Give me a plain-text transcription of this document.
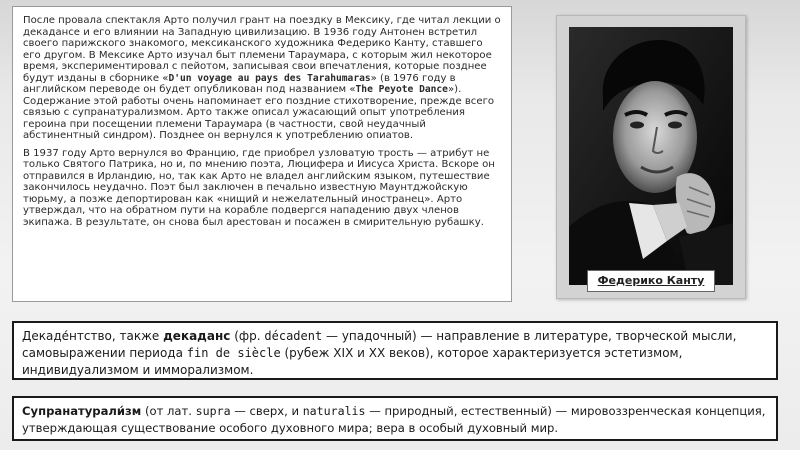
После провала спектакля Арто получил грант на поездку в Мексику, где читал лекции о декадансе и его влиянии на Западную цивилизацию. В 1936 году Антонен встретил своего парижского знакомого, мексиканского художника Федерико Канту, ставшего его другом. В Мексике Арто изучал быт племени Тараумара, с которым жил некоторое время, экспериментировал с пейотом, записывая свои впечатления, которые позднее будут изданы в сборнике «D'un voyage au pays des Tarahumaras» (в 1976 году в английском переводе он будет опубликован под названием «The Peyote Dance»). Содержание этой работы очень напоминает его поздние стихотворение, прежде всего связью с супранатурализмом. Арто также описал ужасающий опыт употребления героина при посещении племени Тараумара (в частности, свой неудачный абстинентный синдром). Позднее он вернулся к употреблению опиатов.

В 1937 году Арто вернулся во Францию, где приобрел узловатую трость — атрибут не только Святого Патрика, но и, по мнению поэта, Люцифера и Иисуса Христа. Вскоре он отправился в Ирландию, но, так как Арто не владел английским языком, путешествие закончилось неудачно. Поэт был заключен в печально известную Маунтджойскую тюрьму, а позже депортирован как «нищий и нежелательный иностранец». Арто утверждал, что на обратном пути на корабле подвергся нападению двух членов экипажа. В результате, он снова был арестован и посажен в смирительную рубашку.

Федерико Канту
Декаде́нтство, также декаданс (фр. décadent — упадочный) — направление в литературе, творческой мысли, самовыражении периода fin de siècle (рубеж XIX и XX веков), которое характеризуется эстетизмом, индивидуализмом и имморализмом.
Супранатурали́зм (от лат. supra — сверх, и naturalis — природный, естественный) — мировоззренческая концепция, утверждающая существование особого духовного мира; вера в особый духовный мир.
